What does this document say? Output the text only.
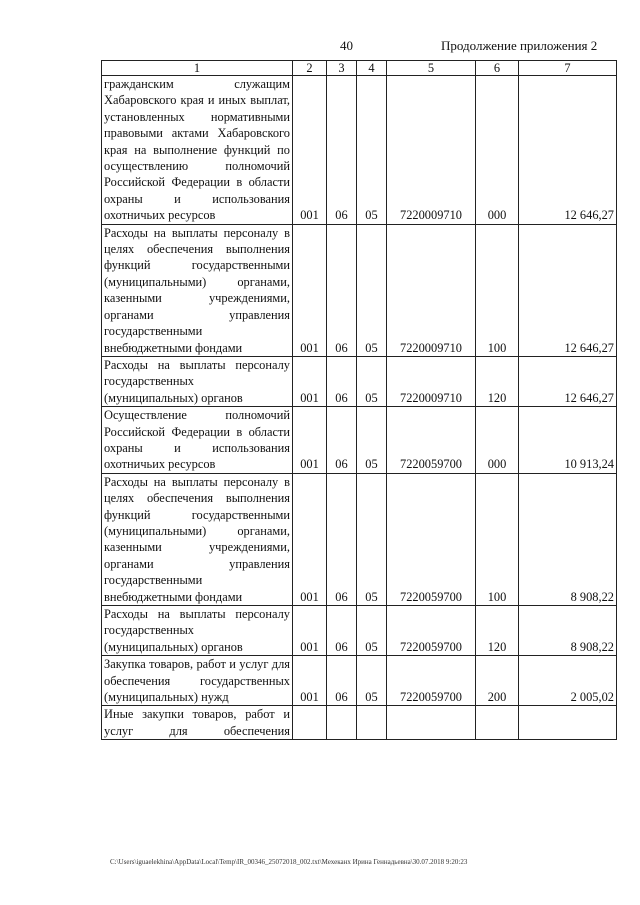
40	Продолжение приложения 2
1	2	3	4	5	6	7
гражданским служащим Хабаровского края и иных выплат, установленных нормативными правовыми актами Хабаровского края на выполнение функций по осуществлению полномочий Российской Федерации в области охраны и использования охотничьих ресурсов	001	06	05	7220009710	000	12 646,27
Расходы на выплаты персоналу в целях обеспечения выполнения функций государственными (муниципальными) органами, казенными учреждениями, органами управления государственными внебюджетными фондами	001	06	05	7220009710	100	12 646,27
Расходы на выплаты персоналу государственных (муниципальных) органов	001	06	05	7220009710	120	12 646,27
Осуществление полномочий Российской Федерации в области охраны и использования охотничьих ресурсов	001	06	05	7220059700	000	10 913,24
Расходы на выплаты персоналу в целях обеспечения выполнения функций государственными (муниципальными) органами, казенными учреждениями, органами управления государственными внебюджетными фондами	001	06	05	7220059700	100	8 908,22
Расходы на выплаты персоналу государственных (муниципальных) органов	001	06	05	7220059700	120	8 908,22
Закупка товаров, работ и услуг для обеспечения государственных (муниципальных) нужд	001	06	05	7220059700	200	2 005,02
Иные закупки товаров, работ и услуг для обеспечения						
C:\Users\iguaelekhina\AppData\Local\Temp\IR_00346_25072018_002.txt\Мехеканх Ирина Геннадьевна\30.07.2018 9:20:23
